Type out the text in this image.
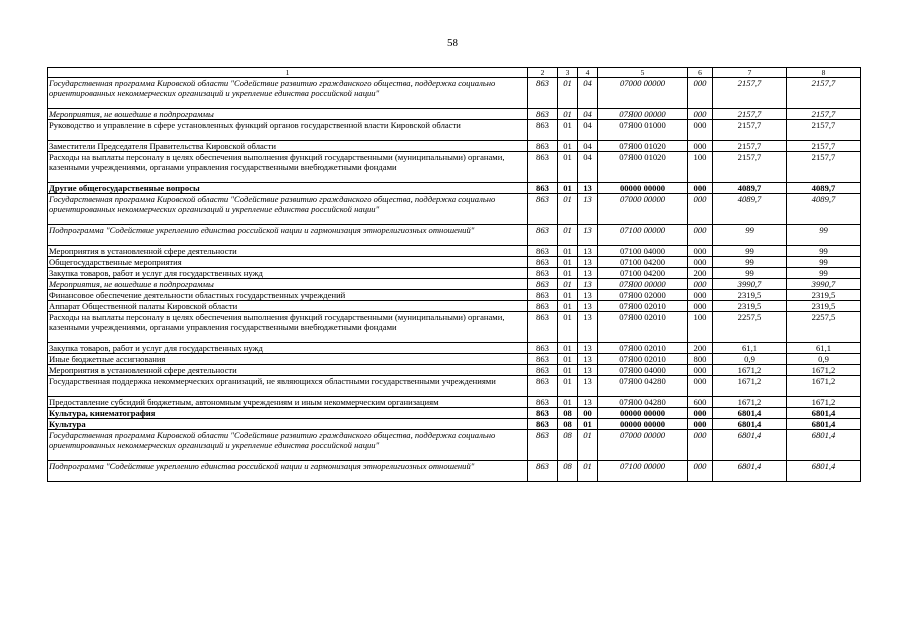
58
1	2	3	4	5	6	7	8
Государственная программа Кировской области "Содействие развитию гражданского общества, поддержка социально ориентированных некоммерческих организаций и укрепление единства российской нации"	863	01	04	07000 00000	000	2157,7	2157,7
Мероприятия, не вошедшие в подпрограммы	863	01	04	07Я00 00000	000	2157,7	2157,7
Руководство и управление в сфере установленных функций органов государственной власти Кировской области	863	01	04	07Я00 01000	000	2157,7	2157,7
Заместители Председателя Правительства Кировской области	863	01	04	07Я00 01020	000	2157,7	2157,7
Расходы на выплаты персоналу в целях обеспечения выполнения функций государственными (муниципальными) органами, казенными учреждениями, органами управления государственными внебюджетными фондами	863	01	04	07Я00 01020	100	2157,7	2157,7
Другие общегосударственные вопросы	863	01	13	00000 00000	000	4089,7	4089,7
Государственная программа Кировской области "Содействие развитию гражданского общества, поддержка социально ориентированных некоммерческих организаций и укрепление единства российской нации"	863	01	13	07000 00000	000	4089,7	4089,7
Подпрограмма "Содействие укреплению единства российской нации и гармонизация этнорелигиозных отношений"	863	01	13	07100 00000	000	99	99
Мероприятия в установленной сфере деятельности	863	01	13	07100 04000	000	99	99
Общегосударственные мероприятия	863	01	13	07100 04200	000	99	99
Закупка товаров, работ и услуг для государственных нужд	863	01	13	07100 04200	200	99	99
Мероприятия, не вошедшие в подпрограммы	863	01	13	07Я00 00000	000	3990,7	3990,7
Финансовое обеспечение деятельности областных государственных учреждений	863	01	13	07Я00 02000	000	2319,5	2319,5
Аппарат Общественной палаты Кировской области	863	01	13	07Я00 02010	000	2319,5	2319,5
Расходы на выплаты персоналу в целях обеспечения выполнения функций государственными (муниципальными) органами, казенными учреждениями, органами управления государственными внебюджетными фондами	863	01	13	07Я00 02010	100	2257,5	2257,5
Закупка товаров, работ и услуг для государственных нужд	863	01	13	07Я00 02010	200	61,1	61,1
Иные бюджетные ассигнования	863	01	13	07Я00 02010	800	0,9	0,9
Мероприятия в установленной сфере деятельности	863	01	13	07Я00 04000	000	1671,2	1671,2
Государственная поддержка некоммерческих организаций, не являющихся областными государственными учреждениями	863	01	13	07Я00 04280	000	1671,2	1671,2
Предоставление субсидий бюджетным, автономным учреждениям и иным некоммерческим организациям	863	01	13	07Я00 04280	600	1671,2	1671,2
Культура, кинематография	863	08	00	00000 00000	000	6801,4	6801,4
Культура	863	08	01	00000 00000	000	6801,4	6801,4
Государственная программа Кировской области "Содействие развитию гражданского общества, поддержка социально ориентированных некоммерческих организаций и укрепление единства российской нации"	863	08	01	07000 00000	000	6801,4	6801,4
Подпрограмма "Содействие укреплению единства российской нации и гармонизация этнорелигиозных отношений"	863	08	01	07100 00000	000	6801,4	6801,4
